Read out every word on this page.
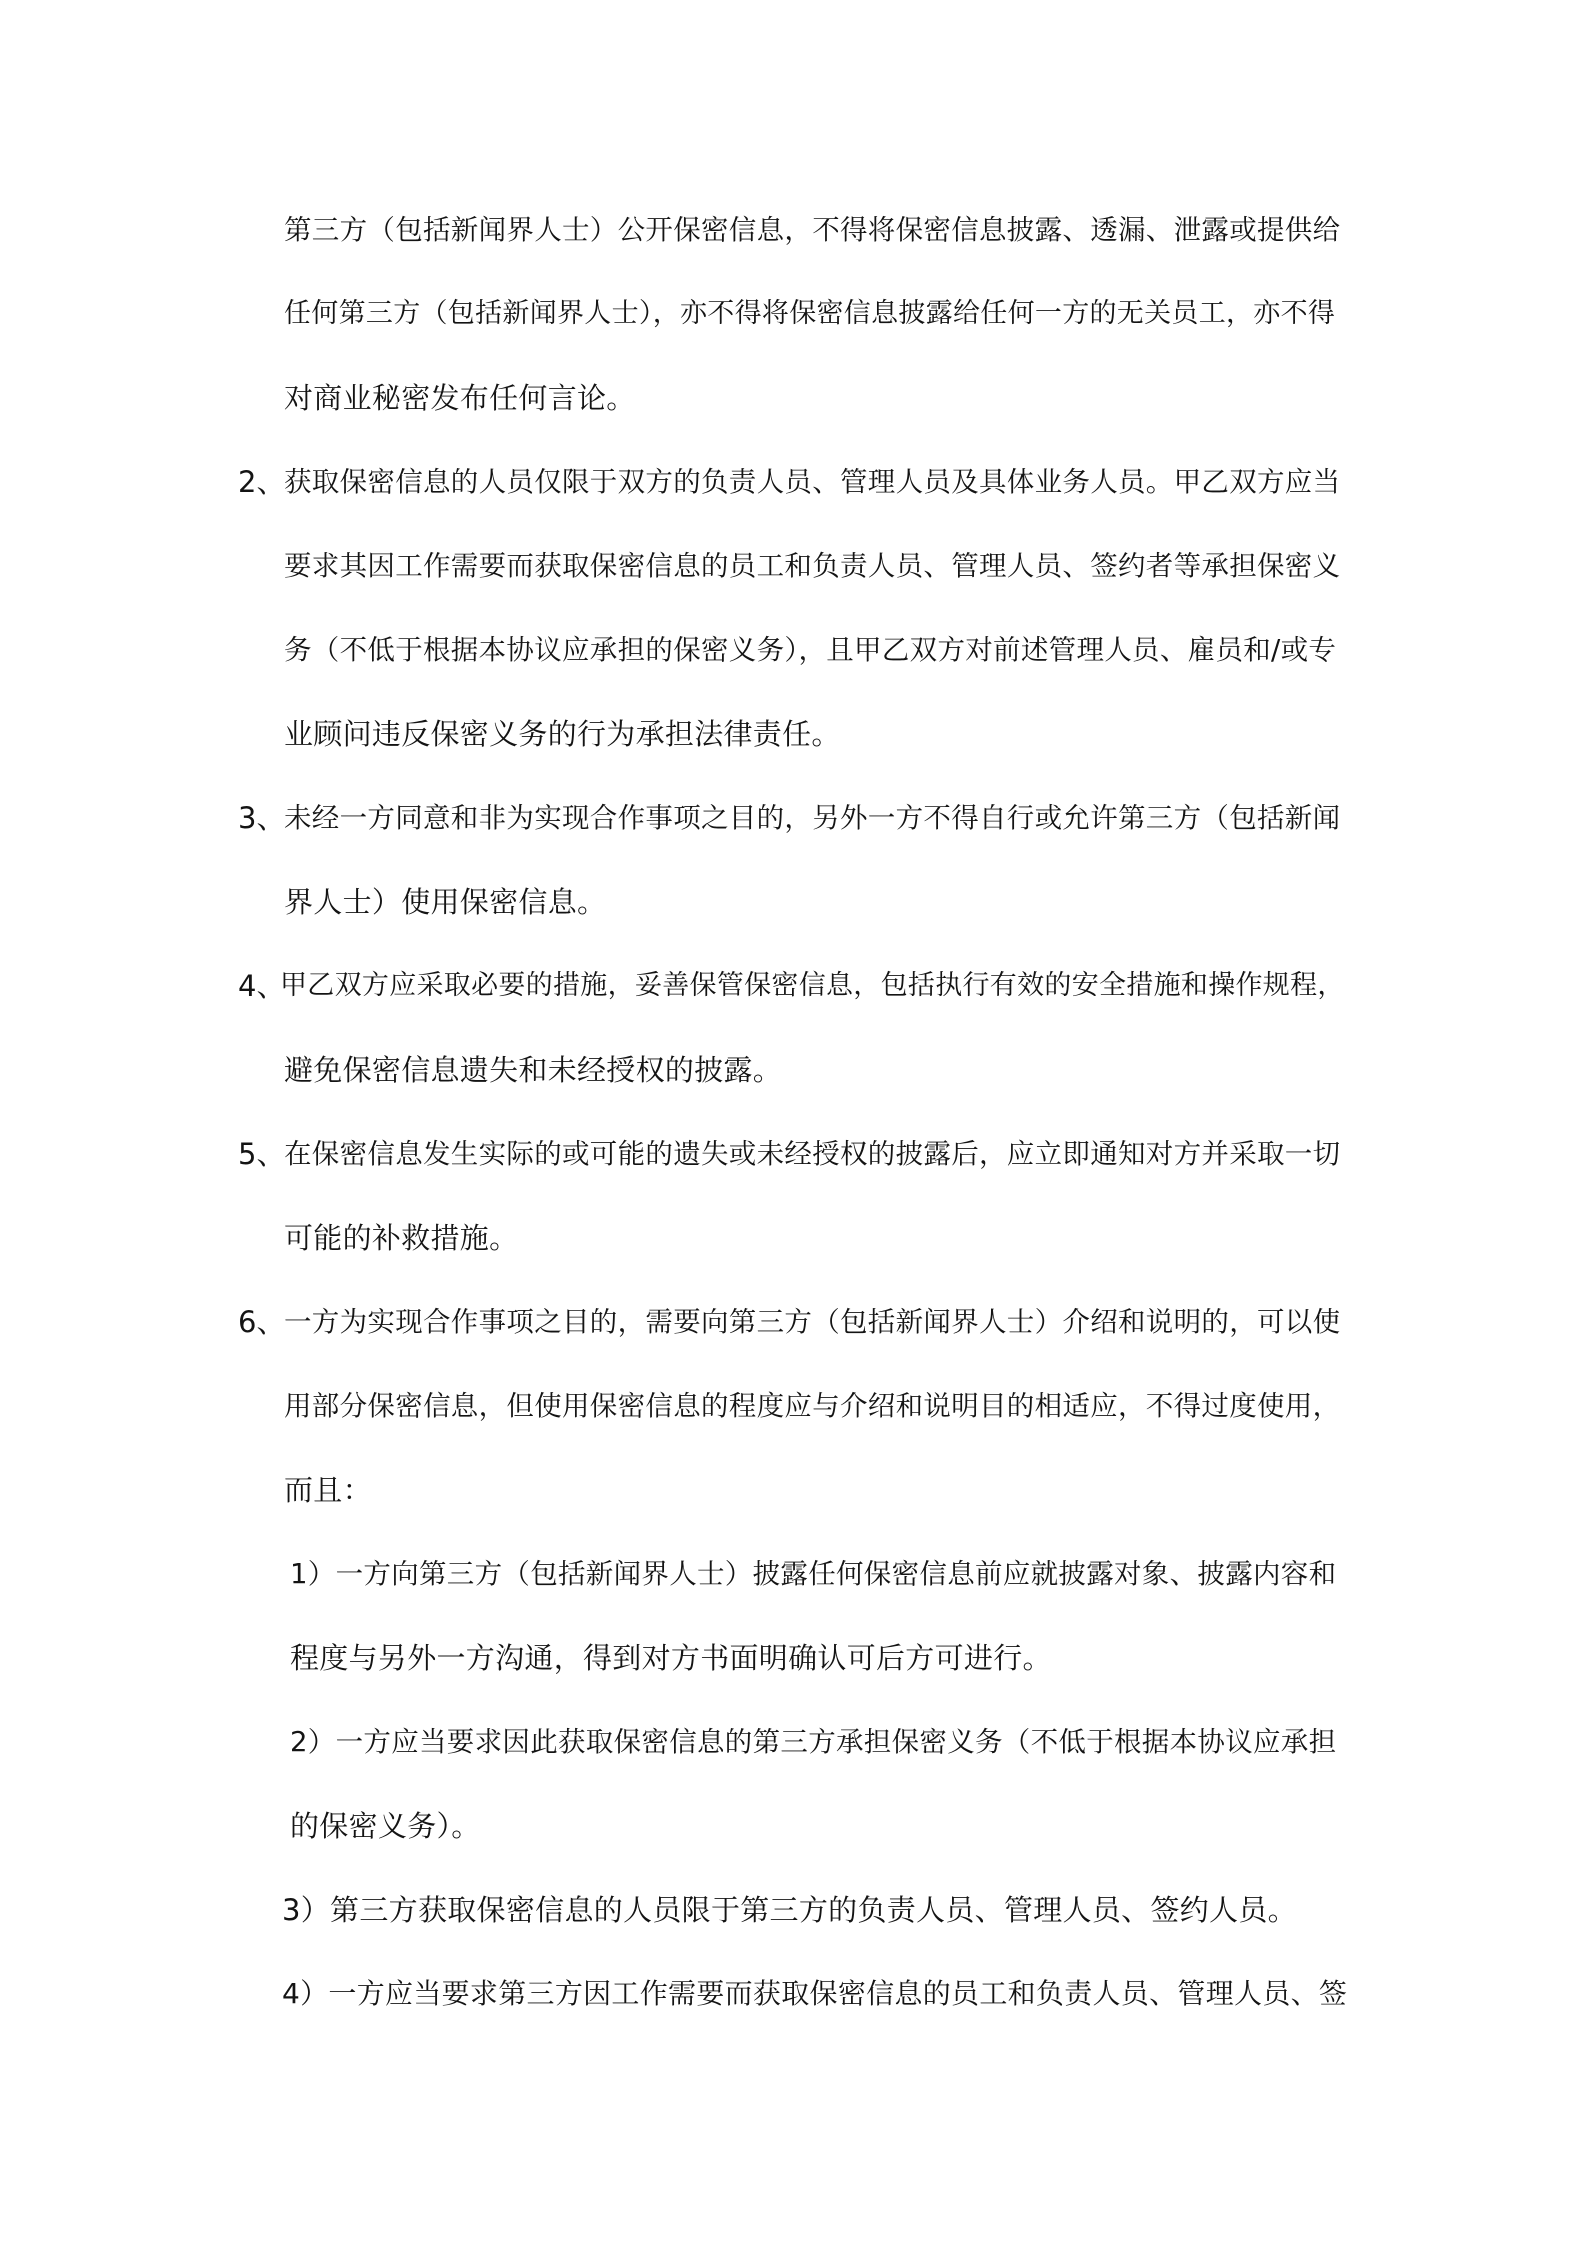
第三方（包括新闻界人士）公开保密信息，不得将保密信息披露、透漏、泄露或提供给
任何第三方（包括新闻界人士），亦不得将保密信息披露给任何一方的无关员工，亦不得
对商业秘密发布任何言论。
2、
获取保密信息的人员仅限于双方的负责人员、管理人员及具体业务人员。甲乙双方应当
要求其因工作需要而获取保密信息的员工和负责人员、管理人员、签约者等承担保密义
务（不低于根据本协议应承担的保密义务），且甲乙双方对前述管理人员、雇员和/或专
业顾问违反保密义务的行为承担法律责任。
3、
未经一方同意和非为实现合作事项之目的，另外一方不得自行或允许第三方（包括新闻
界人士）使用保密信息。
4、
甲乙双方应采取必要的措施，妥善保管保密信息，包括执行有效的安全措施和操作规程，
避免保密信息遗失和未经授权的披露。
5、
在保密信息发生实际的或可能的遗失或未经授权的披露后，应立即通知对方并采取一切
可能的补救措施。
6、
一方为实现合作事项之目的，需要向第三方（包括新闻界人士）介绍和说明的，可以使
用部分保密信息，但使用保密信息的程度应与介绍和说明目的相适应，不得过度使用，
而且：
1）一方向第三方（包括新闻界人士）披露任何保密信息前应就披露对象、披露内容和
程度与另外一方沟通，得到对方书面明确认可后方可进行。
2）一方应当要求因此获取保密信息的第三方承担保密义务（不低于根据本协议应承担
的保密义务）。
3）第三方获取保密信息的人员限于第三方的负责人员、管理人员、签约人员。
4）一方应当要求第三方因工作需要而获取保密信息的员工和负责人员、管理人员、签
